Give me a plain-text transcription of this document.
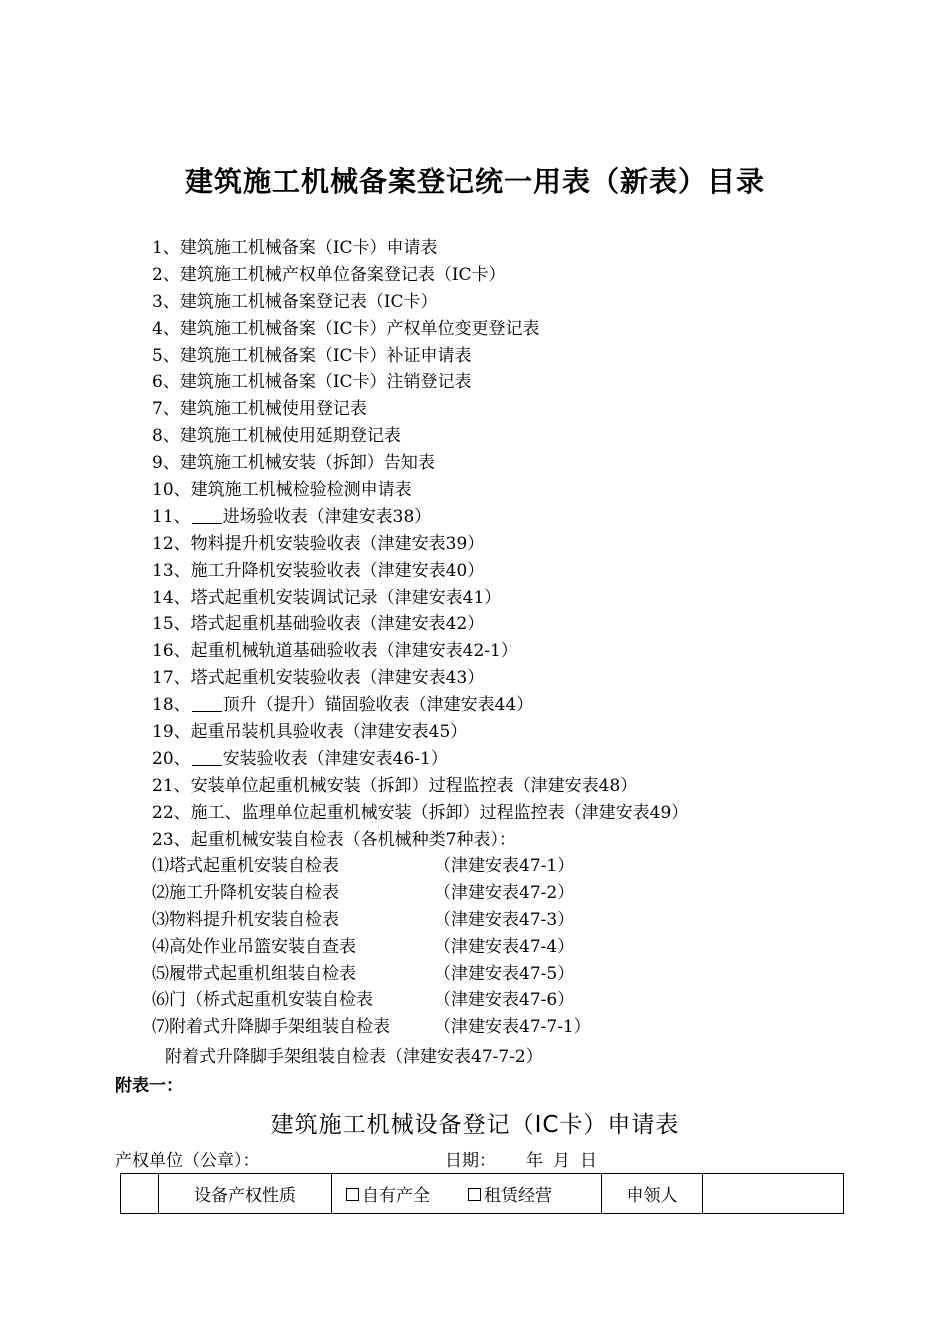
建筑施工机械备案登记统一用表（新表）目录
1、建筑施工机械备案（IC卡）申请表
2、建筑施工机械产权单位备案登记表（IC卡）
3、建筑施工机械备案登记表（IC卡）
4、建筑施工机械备案（IC卡）产权单位变更登记表
5、建筑施工机械备案（IC卡）补证申请表
6、建筑施工机械备案（IC卡）注销登记表
7、建筑施工机械使用登记表
8、建筑施工机械使用延期登记表
9、建筑施工机械安装（拆卸）告知表
10、建筑施工机械检验检测申请表
11、 进场验收表（津建安表38）
12、物料提升机安装验收表（津建安表39）
13、施工升降机安装验收表（津建安表40）
14、塔式起重机安装调试记录（津建安表41）
15、塔式起重机基础验收表（津建安表42）
16、起重机械轨道基础验收表（津建安表42-1）
17、塔式起重机安装验收表（津建安表43）
18、 顶升（提升）锚固验收表（津建安表44）
19、起重吊装机具验收表（津建安表45）
20、 安装验收表（津建安表46-1）
21、安装单位起重机械安装（拆卸）过程监控表（津建安表48）
22、施工、监理单位起重机械安装（拆卸）过程监控表（津建安表49）
23、起重机械安装自检表（各机械种类7种表）：
⑴塔式起重机安装自检表	（津建安表47-1）
⑵施工升降机安装自检表	（津建安表47-2）
⑶物料提升机安装自检表	（津建安表47-3）
⑷高处作业吊篮安装自查表	（津建安表47-4）
⑸履带式起重机组装自检表	（津建安表47-5）
⑹门（桥式起重机安装自检表	（津建安表47-6）
⑺附着式升降脚手架组装自检表	（津建安表47-7-1）
附着式升降脚手架组装自检表（津建安表47-7-2）
附表一：
建筑施工机械设备登记（IC卡）申请表
产权单位（公章）：	日期： 年 月 日
	设备产权性质	自有产全	租赁经营	申领人	
